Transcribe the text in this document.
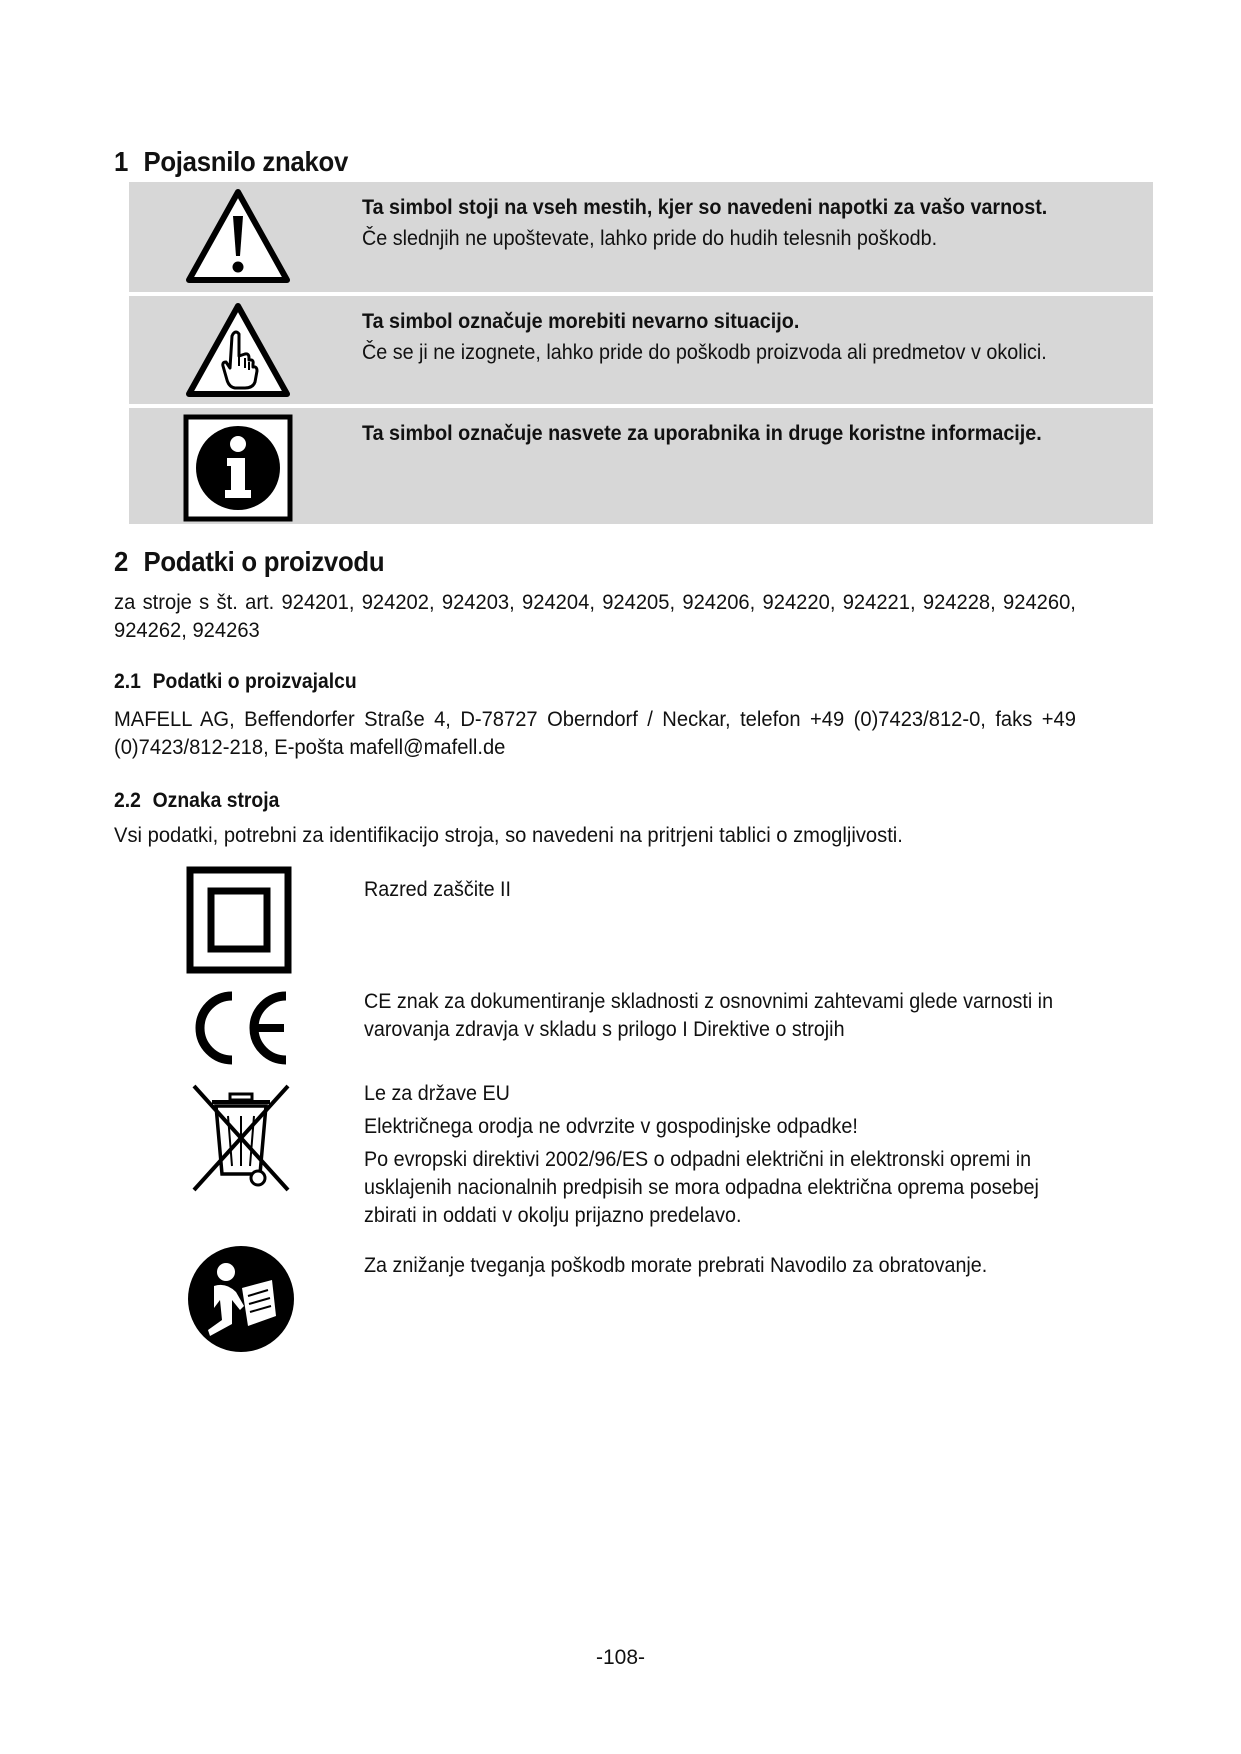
1 Pojasnilo znakov
Ta simbol stoji na vseh mestih, kjer so navedeni napotki za vašo varnost.
Če slednjih ne upoštevate, lahko pride do hudih telesnih poškodb.
Ta simbol označuje morebiti nevarno situacijo.
Če se ji ne izognete, lahko pride do poškodb proizvoda ali predmetov v okolici.
Ta simbol označuje nasvete za uporabnika in druge koristne informacije.
2 Podatki o proizvodu
za stroje s št. art. 924201, 924202, 924203, 924204, 924205, 924206, 924220, 924221, 924228, 924260, 924262, 924263
2.1 Podatki o proizvajalcu
MAFELL AG, Beffendorfer Straße 4, D-78727 Oberndorf / Neckar, telefon +49 (0)7423/812-0, faks +49 (0)7423/812-218, E-pošta mafell@mafell.de
2.2 Oznaka stroja
Vsi podatki, potrebni za identifikacijo stroja, so navedeni na pritrjeni tablici o zmogljivosti.

Razred zaščite II

CE znak za dokumentiranje skladnosti z osnovnimi zahtevami glede varnosti in varovanja zdravja v skladu s prilogo I Direktive o strojih

Le za države EU

Električnega orodja ne odvrzite v gospodinjske odpadke!

Po evropski direktivi 2002/96/ES o odpadni električni in elektronski opremi in usklajenih nacionalnih predpisih se mora odpadna električna oprema posebej zbirati in oddati v okolju prijazno predelavo.

Za znižanje tveganja poškodb morate prebrati Navodilo za obratovanje.

-108-
